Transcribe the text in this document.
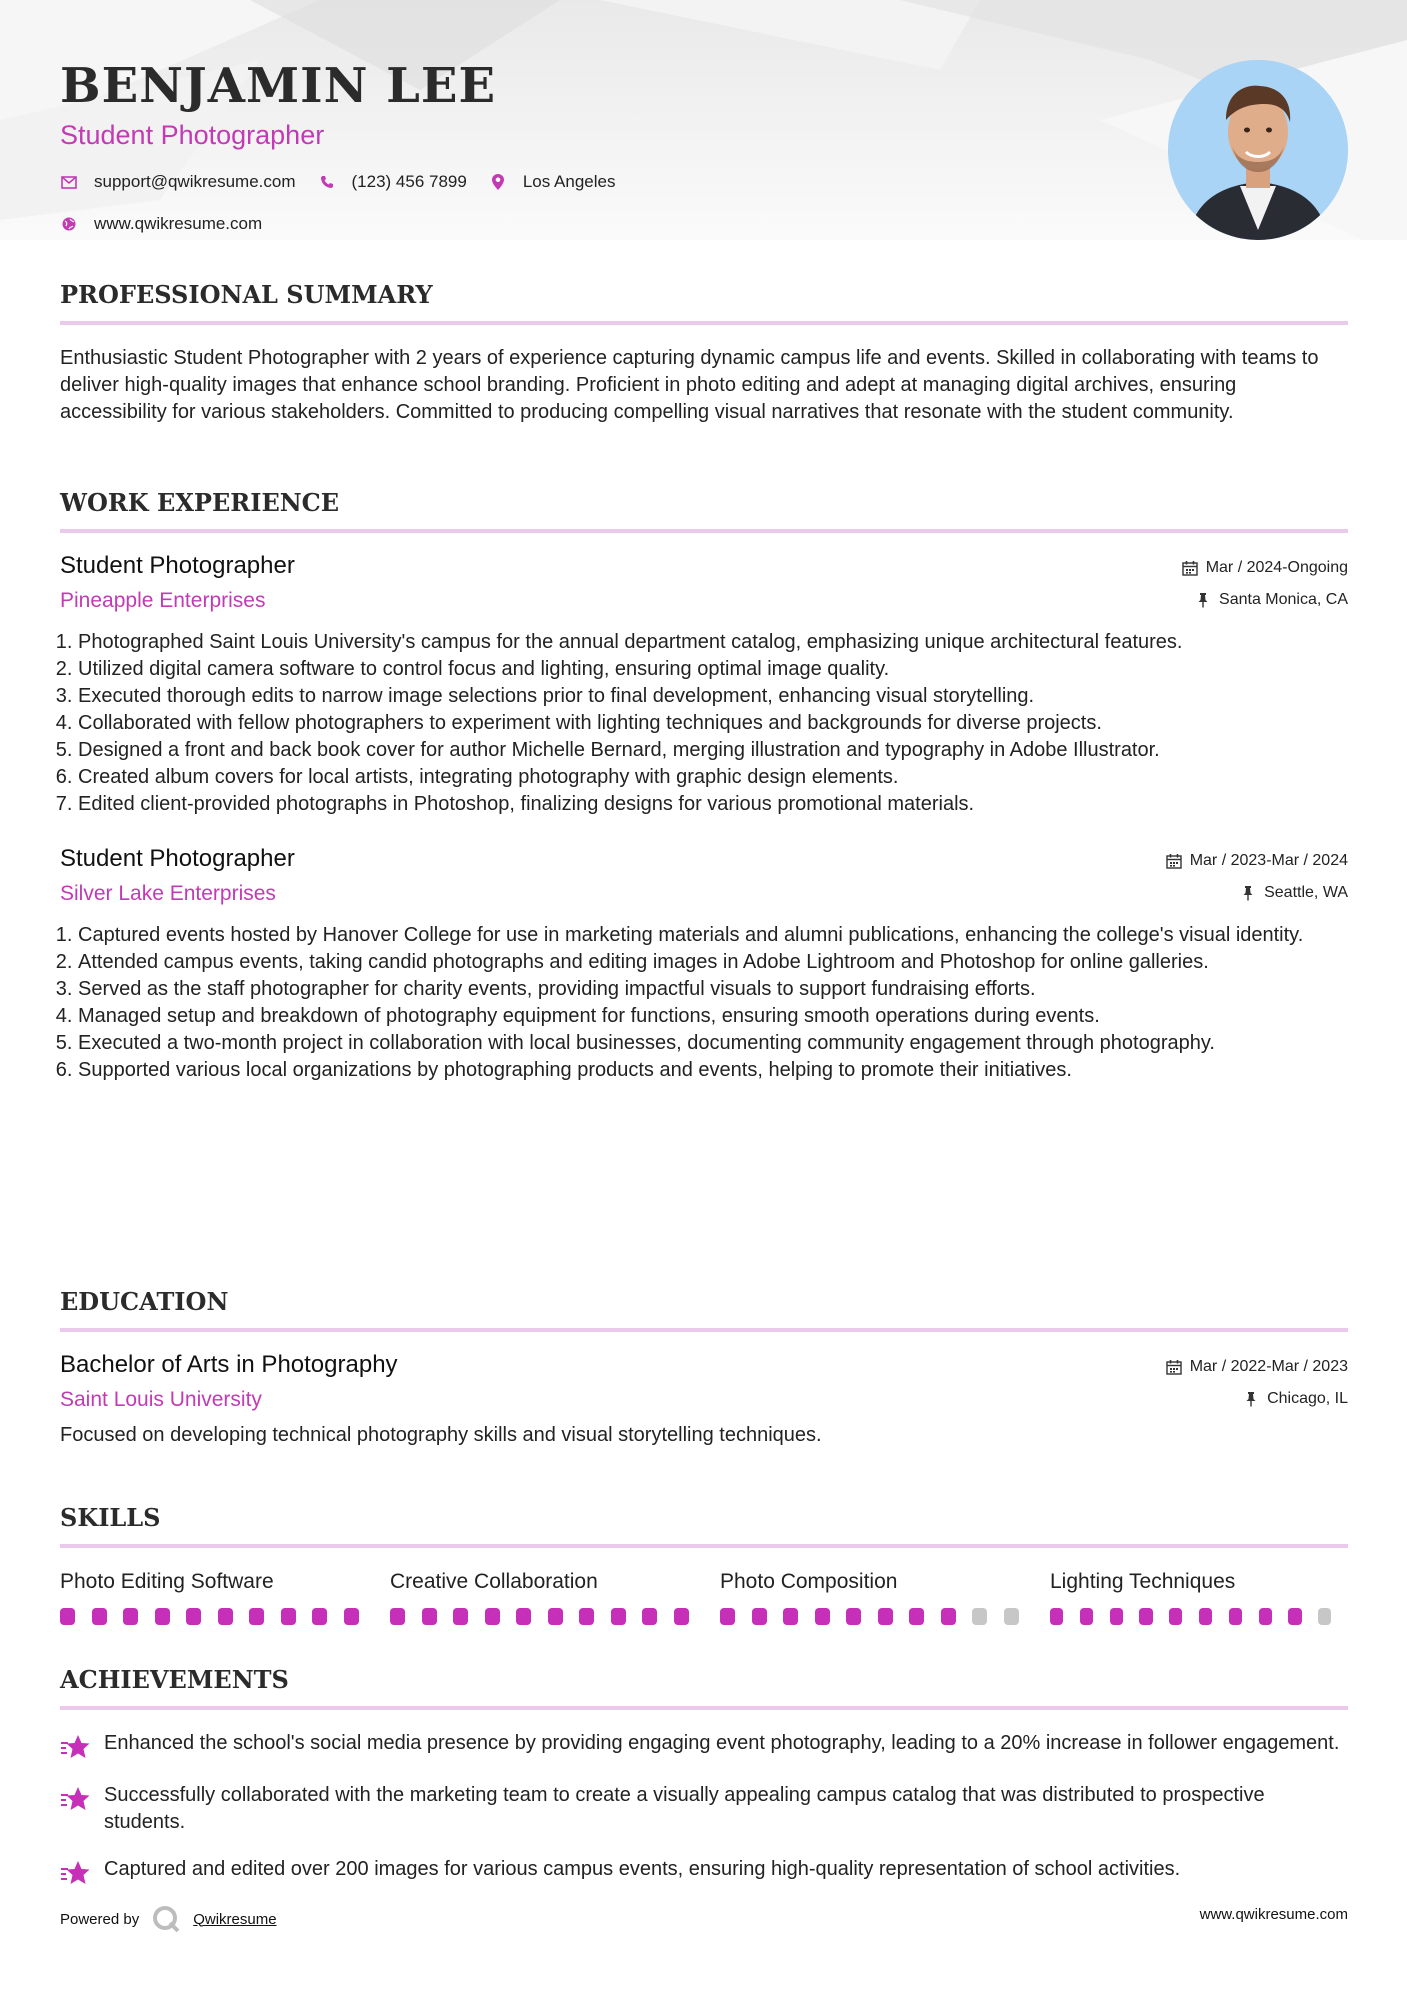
BENJAMIN LEE
Student Photographer
support@qwikresume.com	(123) 456 7899	Los Angeles
www.qwikresume.com
PROFESSIONAL SUMMARY
Enthusiastic Student Photographer with 2 years of experience capturing dynamic campus life and events. Skilled in collaborating with teams to deliver high-quality images that enhance school branding. Proficient in photo editing and adept at managing digital archives, ensuring accessibility for various stakeholders. Committed to producing compelling visual narratives that resonate with the student community.
WORK EXPERIENCE
Student Photographer
Pineapple Enterprises
Mar / 2024-Ongoing
Santa Monica, CA
1. Photographed Saint Louis University's campus for the annual department catalog, emphasizing unique architectural features.
2. Utilized digital camera software to control focus and lighting, ensuring optimal image quality.
3. Executed thorough edits to narrow image selections prior to final development, enhancing visual storytelling.
4. Collaborated with fellow photographers to experiment with lighting techniques and backgrounds for diverse projects.
5. Designed a front and back book cover for author Michelle Bernard, merging illustration and typography in Adobe Illustrator.
6. Created album covers for local artists, integrating photography with graphic design elements.
7. Edited client-provided photographs in Photoshop, finalizing designs for various promotional materials.
Student Photographer
Silver Lake Enterprises
Mar / 2023-Mar / 2024
Seattle, WA
1. Captured events hosted by Hanover College for use in marketing materials and alumni publications, enhancing the college's visual identity.
2. Attended campus events, taking candid photographs and editing images in Adobe Lightroom and Photoshop for online galleries.
3. Served as the staff photographer for charity events, providing impactful visuals to support fundraising efforts.
4. Managed setup and breakdown of photography equipment for functions, ensuring smooth operations during events.
5. Executed a two-month project in collaboration with local businesses, documenting community engagement through photography.
6. Supported various local organizations by photographing products and events, helping to promote their initiatives.
EDUCATION
Bachelor of Arts in Photography
Saint Louis University
Mar / 2022-Mar / 2023
Chicago, IL
Focused on developing technical photography skills and visual storytelling techniques.
SKILLS
Photo Editing Software	Creative Collaboration	Photo Composition	Lighting Techniques
ACHIEVEMENTS
Enhanced the school's social media presence by providing engaging event photography, leading to a 20% increase in follower engagement.
Successfully collaborated with the marketing team to create a visually appealing campus catalog that was distributed to prospective students.
Captured and edited over 200 images for various campus events, ensuring high-quality representation of school activities.
Powered by	Qwikresume	www.qwikresume.com
